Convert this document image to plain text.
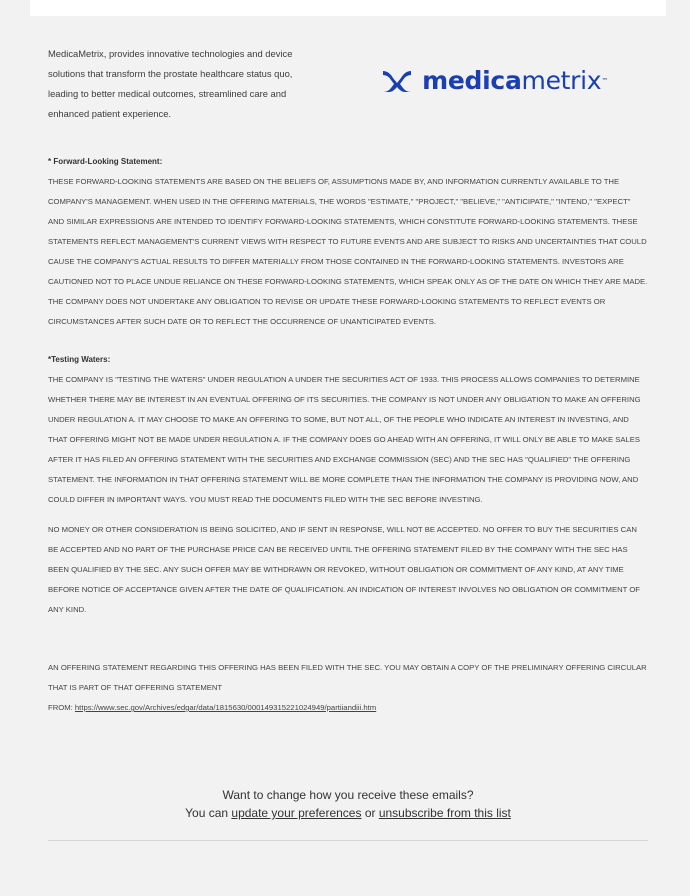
MedicaMetrix, provides innovative technologies and device solutions that transform the prostate healthcare status quo, leading to better medical outcomes, streamlined care and enhanced patient experience.
medicametrix™
* Forward-Looking Statement:

THESE FORWARD-LOOKING STATEMENTS ARE BASED ON THE BELIEFS OF, ASSUMPTIONS MADE BY, AND INFORMATION CURRENTLY AVAILABLE TO THE COMPANY'S MANAGEMENT. WHEN USED IN THE OFFERING MATERIALS, THE WORDS "ESTIMATE," "PROJECT," "BELIEVE," "ANTICIPATE," "INTEND," "EXPECT" AND SIMILAR EXPRESSIONS ARE INTENDED TO IDENTIFY FORWARD-LOOKING STATEMENTS, WHICH CONSTITUTE FORWARD-LOOKING STATEMENTS. THESE STATEMENTS REFLECT MANAGEMENT'S CURRENT VIEWS WITH RESPECT TO FUTURE EVENTS AND ARE SUBJECT TO RISKS AND UNCERTAINTIES THAT COULD CAUSE THE COMPANY'S ACTUAL RESULTS TO DIFFER MATERIALLY FROM THOSE CONTAINED IN THE FORWARD-LOOKING STATEMENTS. INVESTORS ARE CAUTIONED NOT TO PLACE UNDUE RELIANCE ON THESE FORWARD-LOOKING STATEMENTS, WHICH SPEAK ONLY AS OF THE DATE ON WHICH THEY ARE MADE. THE COMPANY DOES NOT UNDERTAKE ANY OBLIGATION TO REVISE OR UPDATE THESE FORWARD-LOOKING STATEMENTS TO REFLECT EVENTS OR CIRCUMSTANCES AFTER SUCH DATE OR TO REFLECT THE OCCURRENCE OF UNANTICIPATED EVENTS.

*Testing Waters:

THE COMPANY IS "TESTING THE WATERS" UNDER REGULATION A UNDER THE SECURITIES ACT OF 1933. THIS PROCESS ALLOWS COMPANIES TO DETERMINE WHETHER THERE MAY BE INTEREST IN AN EVENTUAL OFFERING OF ITS SECURITIES. THE COMPANY IS NOT UNDER ANY OBLIGATION TO MAKE AN OFFERING UNDER REGULATION A. IT MAY CHOOSE TO MAKE AN OFFERING TO SOME, BUT NOT ALL, OF THE PEOPLE WHO INDICATE AN INTEREST IN INVESTING, AND THAT OFFERING MIGHT NOT BE MADE UNDER REGULATION A. IF THE COMPANY DOES GO AHEAD WITH AN OFFERING, IT WILL ONLY BE ABLE TO MAKE SALES AFTER IT HAS FILED AN OFFERING STATEMENT WITH THE SECURITIES AND EXCHANGE COMMISSION (SEC) AND THE SEC HAS "QUALIFIED" THE OFFERING STATEMENT. THE INFORMATION IN THAT OFFERING STATEMENT WILL BE MORE COMPLETE THAN THE INFORMATION THE COMPANY IS PROVIDING NOW, AND COULD DIFFER IN IMPORTANT WAYS. YOU MUST READ THE DOCUMENTS FILED WITH THE SEC BEFORE INVESTING.

NO MONEY OR OTHER CONSIDERATION IS BEING SOLICITED, AND IF SENT IN RESPONSE, WILL NOT BE ACCEPTED. NO OFFER TO BUY THE SECURITIES CAN BE ACCEPTED AND NO PART OF THE PURCHASE PRICE CAN BE RECEIVED UNTIL THE OFFERING STATEMENT FILED BY THE COMPANY WITH THE SEC HAS BEEN QUALIFIED BY THE SEC. ANY SUCH OFFER MAY BE WITHDRAWN OR REVOKED, WITHOUT OBLIGATION OR COMMITMENT OF ANY KIND, AT ANY TIME BEFORE NOTICE OF ACCEPTANCE GIVEN AFTER THE DATE OF QUALIFICATION. AN INDICATION OF INTEREST INVOLVES NO OBLIGATION OR COMMITMENT OF ANY KIND.

AN OFFERING STATEMENT REGARDING THIS OFFERING HAS BEEN FILED WITH THE SEC. YOU MAY OBTAIN A COPY OF THE PRELIMINARY OFFERING CIRCULAR THAT IS PART OF THAT OFFERING STATEMENT
FROM: https://www.sec.gov/Archives/edgar/data/1815630/000149315221024949/partiiandiii.htm

Want to change how you receive these emails?
You can update your preferences or unsubscribe from this list
